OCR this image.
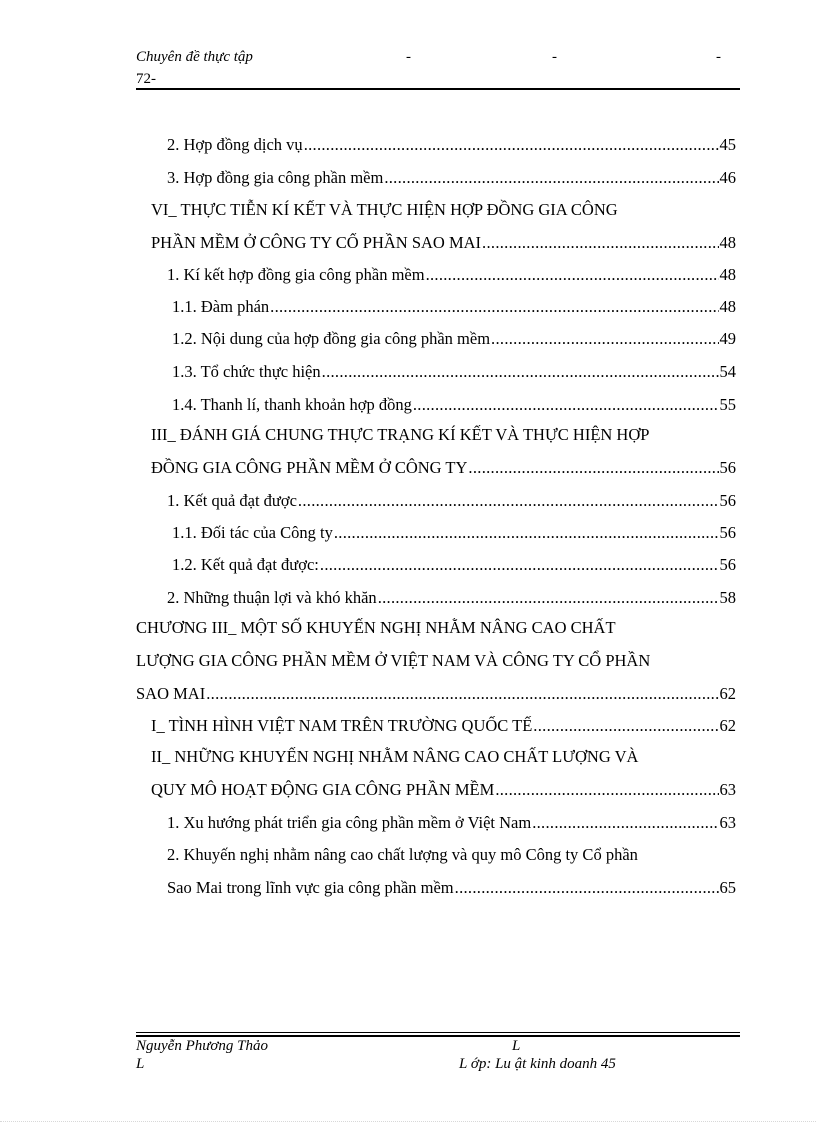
Chuyên đề thực tập	-	-	-
72-
2. Hợp đồng dịch vụ .....	45
3. Hợp đồng gia công phần mềm .....	46
VI_ THỰC TIỄN KÍ KẾT VÀ THỰC HIỆN HỢP ĐỒNG GIA CÔNG
PHẦN MỀM Ở CÔNG TY CỔ PHẦN SAO MAI .....	48
1. Kí kết hợp đồng gia công phần mềm .....	48
1.1. Đàm phán .....	48
1.2. Nội dung của hợp đồng gia công phần mềm .....	49
1.3. Tổ chức thực hiện .....	54
1.4. Thanh lí, thanh khoản hợp đồng .....	55
III_ ĐÁNH GIÁ CHUNG THỰC TRẠNG KÍ KẾT VÀ THỰC HIỆN HỢP
ĐỒNG GIA CÔNG PHẦN MỀM Ở CÔNG TY .....	56
1. Kết quả đạt được .....	56
1.1. Đối tác của Công ty .....	56
1.2. Kết quả đạt được: .....	56
2. Những thuận lợi và khó khăn .....	58
CHƯƠNG III_ MỘT SỐ KHUYẾN NGHỊ NHẰM NÂNG CAO CHẤT
LƯỢNG GIA CÔNG PHẦN MỀM Ở VIỆT NAM VÀ CÔNG TY CỔ PHẦN
SAO MAI .....	62
I_ TÌNH HÌNH VIỆT NAM TRÊN TRƯỜNG QUỐC TẾ .....	62
II_ NHỮNG KHUYẾN NGHỊ NHẰM NÂNG CAO CHẤT LƯỢNG VÀ
QUY MÔ HOẠT ĐỘNG GIA CÔNG PHẦN MỀM .....	63
1. Xu hướng phát triển gia công phần mềm ở Việt Nam .....	63
2. Khuyến nghị nhằm nâng cao chất lượng và quy mô Công ty Cổ phần
Sao Mai trong lĩnh vực gia công phần mềm .....	65
Nguyễn Phương Thảo	L
L	L ớp: Lu ật kinh doanh 45
